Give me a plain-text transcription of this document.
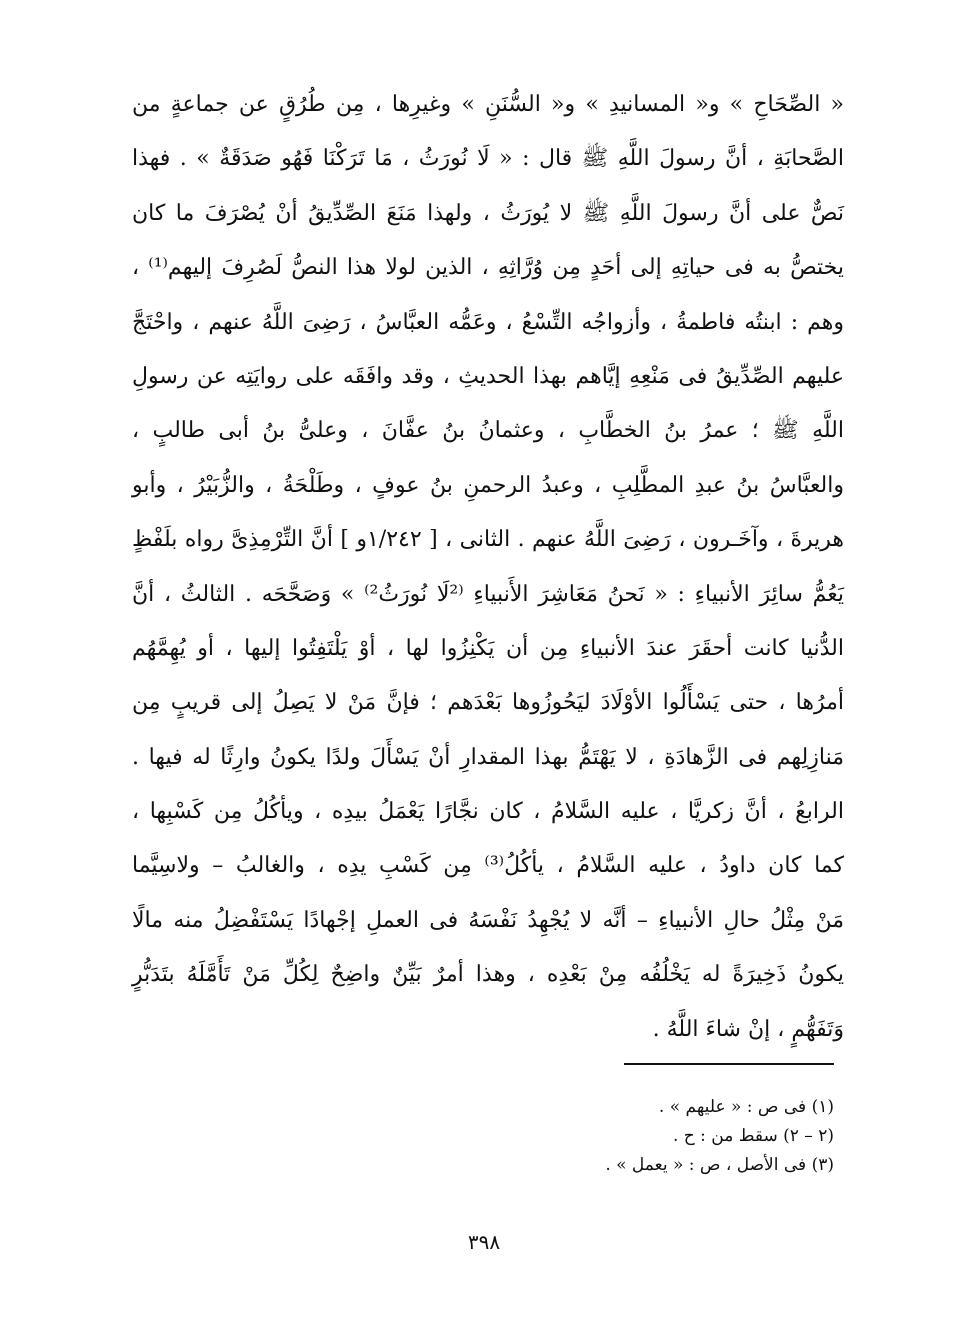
« الصِّحَاحِ » و« المسانيدِ » و« السُّنَنِ » وغيرِها ، مِن طُرُقٍ عن جماعةٍ من
الصَّحابَةِ ، أنَّ رسولَ اللَّهِ ﷺ قال : « لَا نُورَثُ ، مَا تَرَكْنَا فَهُو صَدَقَةٌ » . فهذا
نَصٌّ على أنَّ رسولَ اللَّهِ ﷺ لا يُورَثُ ، ولهذا مَنَعَ الصِّدِّيقُ أنْ يُصْرَفَ ما كان
يختصُّ به فى حياتِهِ إلى أحَدٍ مِن وُرَّاثِهِ ، الذين لولا هذا النصُّ لَصُرِفَ إليهم⁽¹⁾ ،
وهم : ابنتُه فاطمةُ ، وأزواجُه التِّسْعُ ، وعَمُّه العبَّاسُ ، رَضِىَ اللَّهُ عنهم ، واحْتَجَّ
عليهم الصِّدِّيقُ فى مَنْعِهِ إيَّاهم بهذا الحديثِ ، وقد وافَقَه على روايَتِه عن رسولِ
اللَّهِ ﷺ ؛ عمرُ بنُ الخطَّابِ ، وعثمانُ بنُ عفَّانَ ، وعلىُّ بنُ أبى طالبٍ ،
والعبَّاسُ بنُ عبدِ المطَّلِبِ ، وعبدُ الرحمنِ بنُ عوفٍ ، وطَلْحَةُ ، والزُّبَيْرُ ، وأبو
هريرةَ ، وآخَـرون ، رَضِىَ اللَّهُ عنهم . الثانى ، [ ١/٢٤٢و ] أنَّ التِّرْمِذِىَّ رواه بلَفْظٍ
يَعُمُّ سائِرَ الأنبياءِ : « نَحنُ مَعَاشِرَ الأَنبياءِ ⁽²لَا نُورَثُ²⁾ » وَصَحَّحَه . الثالثُ ، أنَّ
الدُّنيا كانت أحقَرَ عندَ الأنبياءِ مِن أن يَكْنِزُوا لها ، أوْ يَلْتَفِتُوا إليها ، أو يُهِمَّهُم
أمرُها ، حتى يَسْأَلُوا الأوْلَادَ ليَحُوزُوها بَعْدَهم ؛ فإنَّ مَنْ لا يَصِلُ إلى قريبٍ مِن
مَنازِلِهم فى الزَّهادَةِ ، لا يَهْتَمُّ بهذا المقدارِ أنْ يَسْأَلَ ولدًا يكونُ وارِثًا له فيها .
الرابعُ ، أنَّ زكريَّا ، عليه السَّلامُ ، كان نجَّارًا يَعْمَلُ بيدِه ، ويأكُلُ مِن كَسْبِها ،
كما كان داودُ ، عليه السَّلامُ ، يأكُلُ⁽³⁾ مِن كَسْبِ يدِه ، والغالبُ – ولاسِيَّما
مَنْ مِثْلُ حالِ الأنبياءِ – أنَّه لا يُجْهِدُ نَفْسَهُ فى العملِ إجْهادًا يَسْتَفْضِلُ منه مالًا
يكونُ ذَخِيرَةً له يَخْلُفُه مِنْ بَعْدِه ، وهذا أمرٌ بَيِّنٌ واضِحٌ لِكُلِّ مَنْ تَأَمَّلَهُ بتَدَبُّرٍ
وَتَفَهُّمٍ ، إنْ شاءَ اللَّهُ .
(١) فى ص : « عليهم » .
(٢ – ٢) سقط من : ح .
(٣) فى الأصل ، ص : « يعمل » .
٣٩٨
